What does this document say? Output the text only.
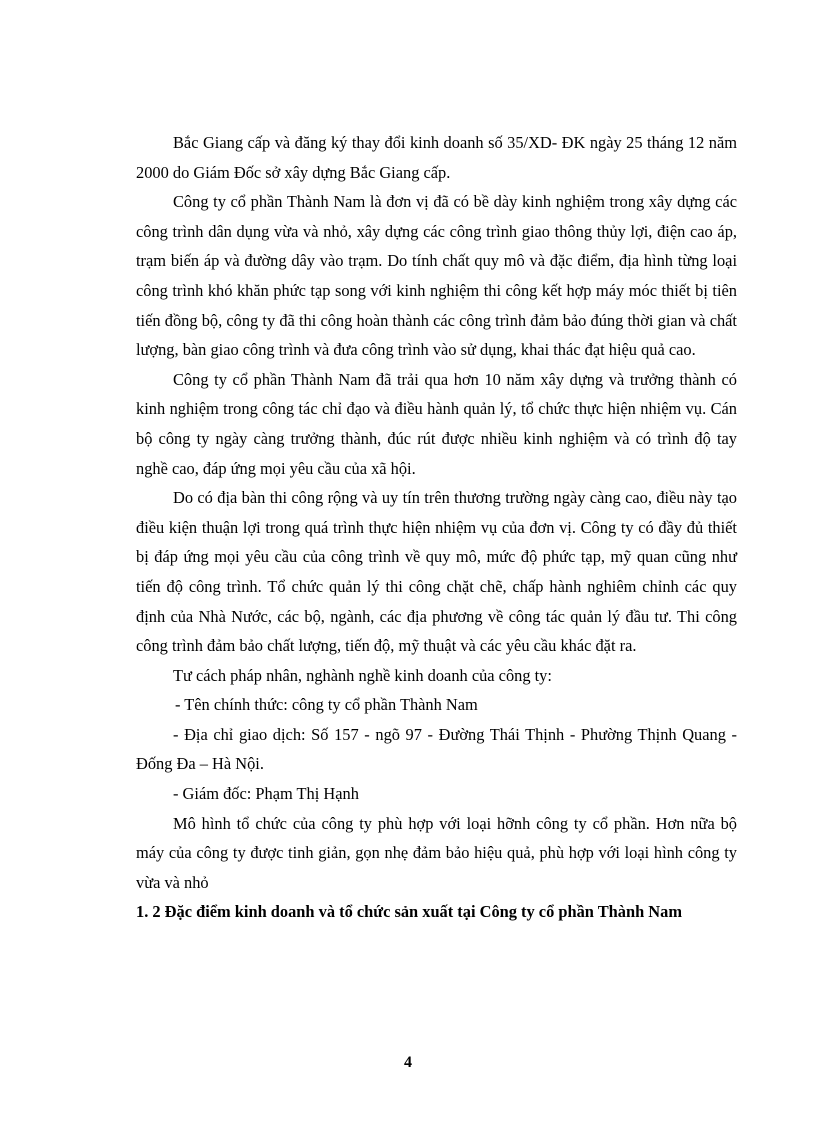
Bắc Giang cấp và đăng ký thay đổi kinh doanh số 35/XD- ĐK ngày 25 tháng 12 năm 2000 do Giám Đốc sở xây dựng Bắc Giang cấp.

Công ty cổ phần Thành Nam là đơn vị đã có bề dày kinh nghiệm trong xây dựng các công trình dân dụng vừa và nhỏ, xây dựng các công trình giao thông thủy lợi, điện cao áp, trạm biến áp và đường dây vào trạm. Do tính chất quy mô và đặc điểm, địa hình từng loại công trình khó khăn phức tạp song với kinh nghiệm thi công kết hợp máy móc thiết bị tiên tiến đồng bộ, công ty đã thi công hoàn thành các công trình đảm bảo đúng thời gian và chất lượng, bàn giao công trình và đưa công trình vào sử dụng, khai thác đạt hiệu quả cao.

Công ty cổ phần Thành Nam đã trải qua hơn 10 năm xây dựng và trưởng thành có kinh nghiệm trong công tác chỉ đạo và điều hành quản lý, tổ chức thực hiện nhiệm vụ. Cán bộ công ty ngày càng trưởng thành, đúc rút được nhiều kinh nghiệm và có trình độ tay nghề cao, đáp ứng mọi yêu cầu của xã hội.

Do có địa bàn thi công rộng và uy tín trên thương trường ngày càng cao, điều này tạo điều kiện thuận lợi trong quá trình thực hiện nhiệm vụ của đơn vị. Công ty có đầy đủ thiết bị đáp ứng mọi yêu cầu của công trình về quy mô, mức độ phức tạp, mỹ quan cũng như tiến độ công trình. Tổ chức quản lý thi công chặt chẽ, chấp hành nghiêm chỉnh các quy định của Nhà Nước, các bộ, ngành, các địa phương về công tác quản lý đầu tư. Thi công công trình đảm bảo chất lượng, tiến độ, mỹ thuật và các yêu cầu khác đặt ra.

Tư cách pháp nhân, nghành nghề kinh doanh của công ty:

- Tên chính thức: công ty cổ phần Thành Nam

- Địa chỉ giao dịch: Số 157 - ngõ 97 - Đường Thái Thịnh - Phường Thịnh Quang - Đống Đa – Hà Nội.

- Giám đốc: Phạm Thị Hạnh

Mô hình tổ chức của công ty phù hợp với loại hỡnh công ty cổ phần. Hơn nữa bộ máy của công ty được tinh giản, gọn nhẹ đảm bảo hiệu quả, phù hợp với loại hình công ty vừa và nhỏ

1. 2 Đặc điểm kinh doanh và tổ chức sản xuất tại Công ty cổ phần Thành Nam

4
